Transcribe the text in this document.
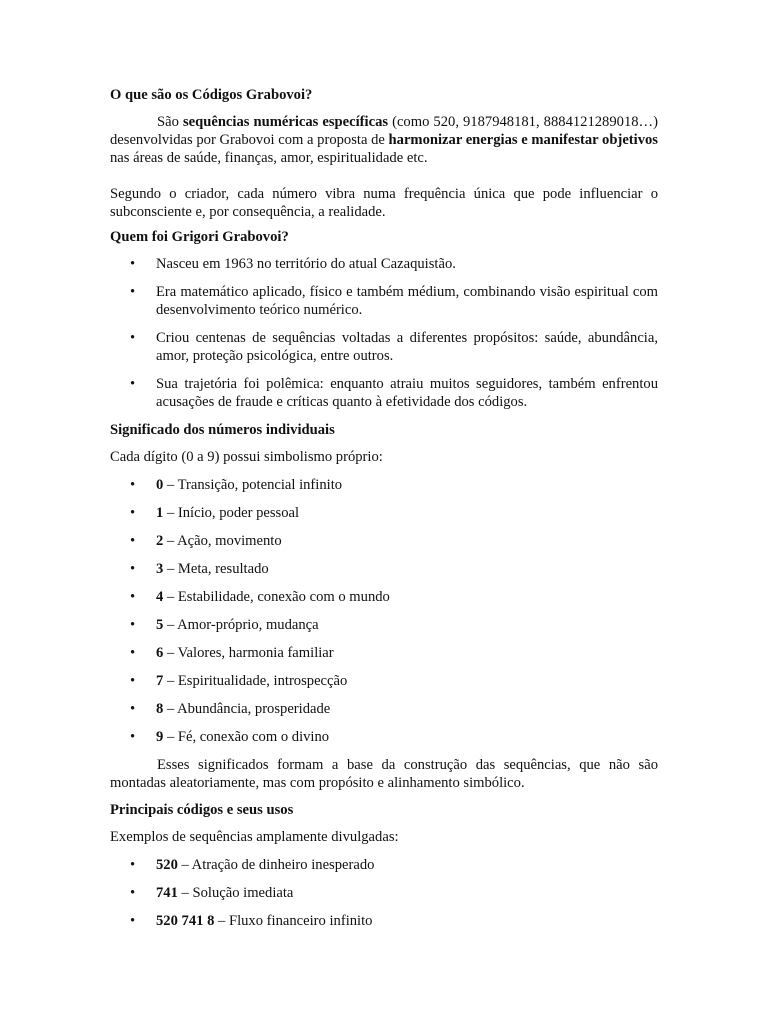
O que são os Códigos Grabovoi?

São sequências numéricas específicas (como 520, 9187948181, 8884121289018…) desenvolvidas por Grabovoi com a proposta de harmonizar energias e manifestar objetivos nas áreas de saúde, finanças, amor, espiritualidade etc.

Segundo o criador, cada número vibra numa frequência única que pode influenciar o subconsciente e, por consequência, a realidade.

Quem foi Grigori Grabovoi?
• Nasceu em 1963 no território do atual Cazaquistão.
• Era matemático aplicado, físico e também médium, combinando visão espiritual com desenvolvimento teórico numérico.
• Criou centenas de sequências voltadas a diferentes propósitos: saúde, abundância, amor, proteção psicológica, entre outros.
• Sua trajetória foi polêmica: enquanto atraiu muitos seguidores, também enfrentou acusações de fraude e críticas quanto à efetividade dos códigos.
Significado dos números individuais

Cada dígito (0 a 9) possui simbolismo próprio:

• 0 – Transição, potencial infinito
• 1 – Início, poder pessoal
• 2 – Ação, movimento
• 3 – Meta, resultado
• 4 – Estabilidade, conexão com o mundo
• 5 – Amor-próprio, mudança
• 6 – Valores, harmonia familiar
• 7 – Espiritualidade, introspecção
• 8 – Abundância, prosperidade
• 9 – Fé, conexão com o divino

Esses significados formam a base da construção das sequências, que não são montadas aleatoriamente, mas com propósito e alinhamento simbólico.

Principais códigos e seus usos

Exemplos de sequências amplamente divulgadas:

• 520 – Atração de dinheiro inesperado
• 741 – Solução imediata
• 520 741 8 – Fluxo financeiro infinito
